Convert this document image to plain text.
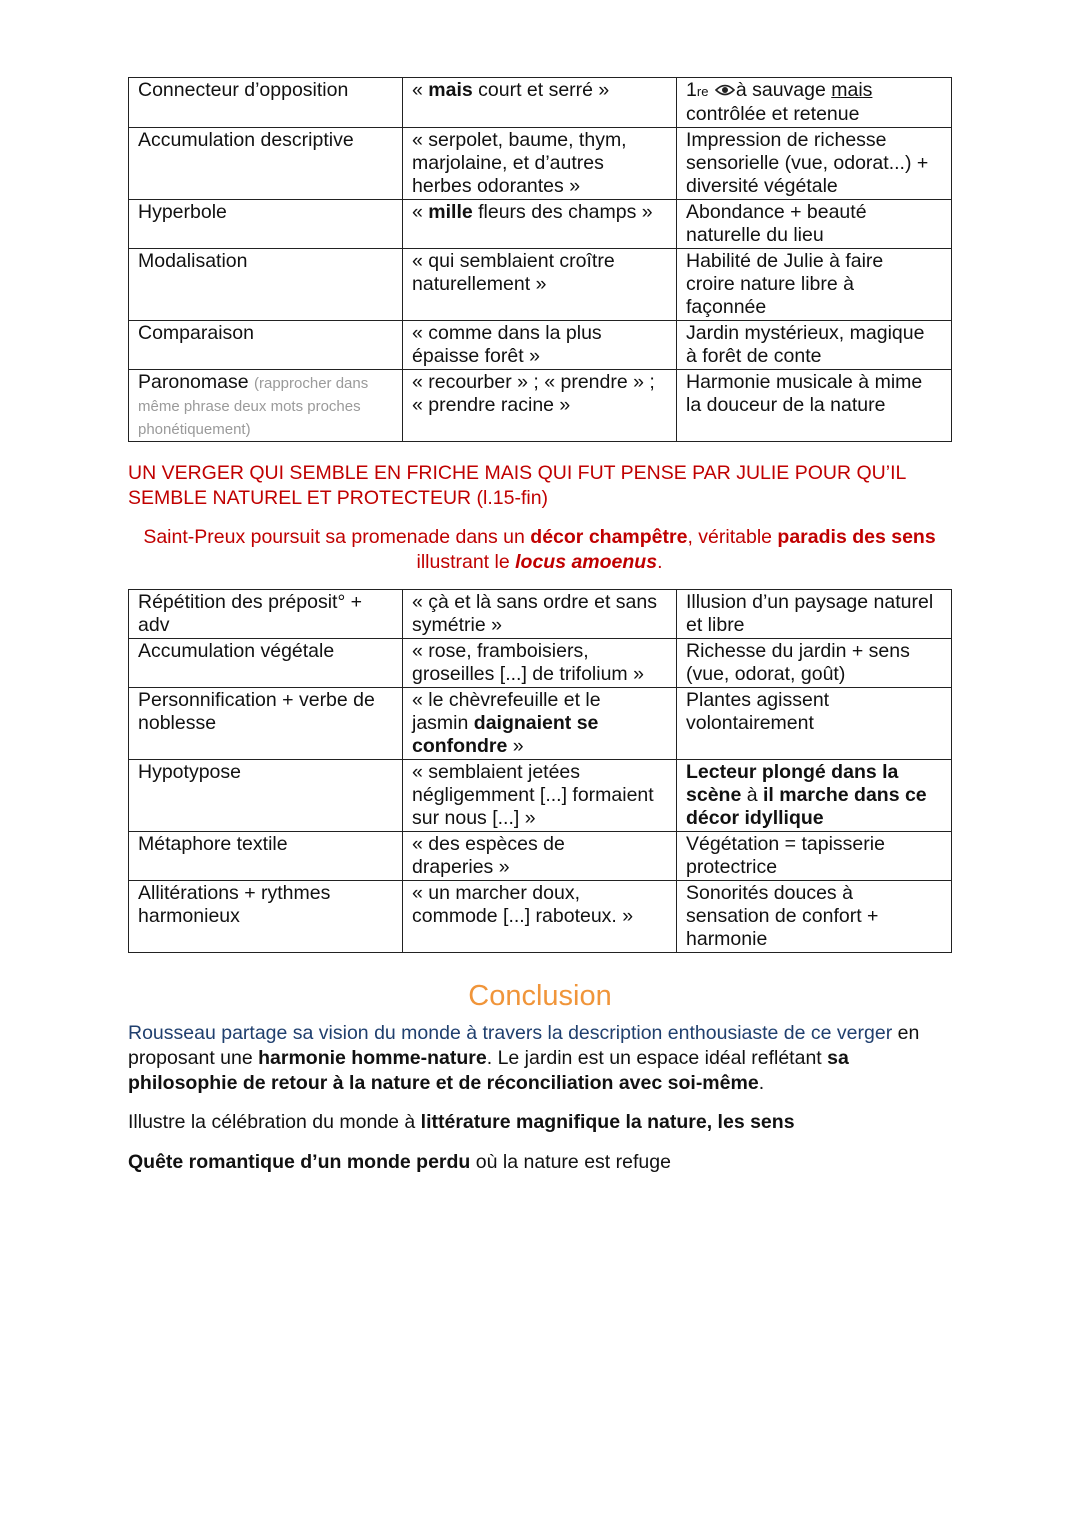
Connecteur d’opposition	« mais court et serré »	1re à sauvage mais
contrôlée et retenue
Accumulation descriptive	« serpolet, baume, thym,
marjolaine, et d’autres
herbes odorantes »	Impression de richesse
sensorielle (vue, odorat...) +
diversité végétale
Hyperbole	« mille fleurs des champs »	Abondance + beauté
naturelle du lieu
Modalisation	« qui semblaient croître
naturellement »	Habilité de Julie à faire
croire nature libre à
façonnée
Comparaison	« comme dans la plus
épaisse forêt »	Jardin mystérieux, magique
à forêt de conte
Paronomase (rapprocher dans
même phrase deux mots proches
phonétiquement)	« recourber » ; « prendre » ;
« prendre racine »	Harmonie musicale à mime
la douceur de la nature

UN VERGER QUI SEMBLE EN FRICHE MAIS QUI FUT PENSE PAR JULIE POUR QU’IL
SEMBLE NATUREL ET PROTECTEUR (l.15-fin)

Saint-Preux poursuit sa promenade dans un décor champêtre, véritable paradis des sens
illustrant le locus amoenus.

Répétition des préposit° +
adv	« çà et là sans ordre et sans
symétrie »	Illusion d’un paysage naturel
et libre
Accumulation végétale	« rose, framboisiers,
groseilles [...] de trifolium »	Richesse du jardin + sens
(vue, odorat, goût)
Personnification + verbe de
noblesse	« le chèvrefeuille et le
jasmin daignaient se
confondre »	Plantes agissent
volontairement
Hypotypose	« semblaient jetées
négligemment [...] formaient
sur nous [...] »	Lecteur plongé dans la
scène à il marche dans ce
décor idyllique
Métaphore textile	« des espèces de
draperies »	Végétation = tapisserie
protectrice
Allitérations + rythmes
harmonieux	« un marcher doux,
commode [...] raboteux. »	Sonorités douces à
sensation de confort +
harmonie
Conclusion

Rousseau partage sa vision du monde à travers la description enthousiaste de ce verger en
proposant une harmonie homme-nature. Le jardin est un espace idéal reflétant sa
philosophie de retour à la nature et de réconciliation avec soi-même.

Illustre la célébration du monde à littérature magnifique la nature, les sens

Quête romantique d’un monde perdu où la nature est refuge
